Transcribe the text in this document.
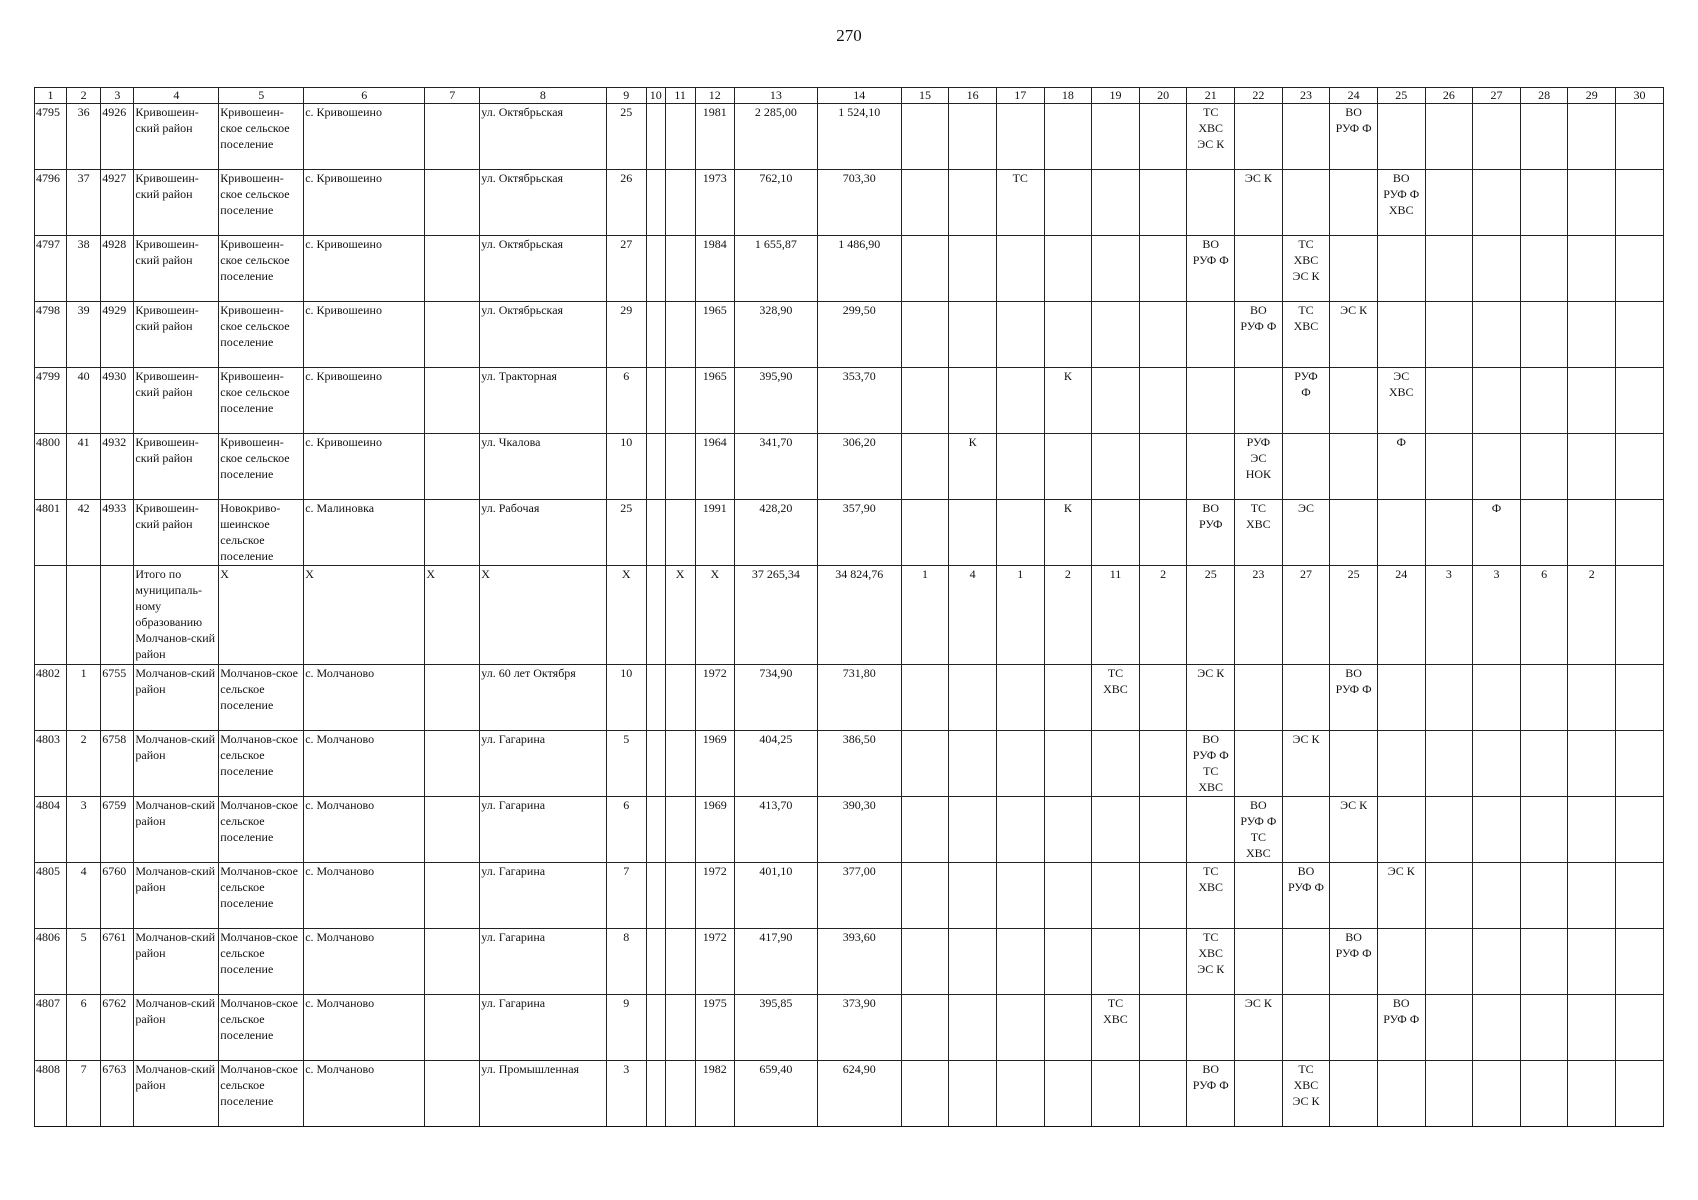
270
1	2	3	4	5	6	7	8	9	10	11	12	13	14	15	16	17	18	19	20	21	22	23	24	25	26	27	28	29	30
4795	36	4926	Кривошеин-ский район	Кривошеин-ское сельское поселение	с. Кривошеино		ул. Октябрьская	25			1981	2 285,00	1 524,10							ТС
ХВС
ЭС К			ВО
РУФ Ф						
4796	37	4927	Кривошеин-ский район	Кривошеин-ское сельское поселение	с. Кривошеино		ул. Октябрьская	26			1973	762,10	703,30			ТС					ЭС К			ВО
РУФ Ф
ХВС					
4797	38	4928	Кривошеин-ский район	Кривошеин-ское сельское поселение	с. Кривошеино		ул. Октябрьская	27			1984	1 655,87	1 486,90							ВО
РУФ Ф		ТС
ХВС
ЭС К							
4798	39	4929	Кривошеин-ский район	Кривошеин-ское сельское поселение	с. Кривошеино		ул. Октябрьская	29			1965	328,90	299,50								ВО
РУФ Ф	ТС
ХВС	ЭС К						
4799	40	4930	Кривошеин-ский район	Кривошеин-ское сельское поселение	с. Кривошеино		ул. Тракторная	6			1965	395,90	353,70				К					РУФ
Ф		ЭС
ХВС					
4800	41	4932	Кривошеин-ский район	Кривошеин-ское сельское поселение	с. Кривошеино		ул. Чкалова	10			1964	341,70	306,20		К						РУФ
ЭС
НОК			Ф					
4801	42	4933	Кривошеин-ский район	Новокриво-шеинское сельское поселение	с. Малиновка		ул. Рабочая	25			1991	428,20	357,90				К			ВО
РУФ	ТС
ХВС	ЭС				Ф			
			Итого по муниципаль-ному образованию Молчанов-ский район	Х	Х	Х	Х	Х		Х	Х	37 265,34	34 824,76	1	4	1	2	11	2	25	23	27	25	24	3	3	6	2	
4802	1	6755	Молчанов-ский район	Молчанов-ское сельское поселение	с. Молчаново		ул. 60 лет Октября	10			1972	734,90	731,80					ТС
ХВС		ЭС К			ВО
РУФ Ф						
4803	2	6758	Молчанов-ский район	Молчанов-ское сельское поселение	с. Молчаново		ул. Гагарина	5			1969	404,25	386,50							ВО
РУФ Ф
ТС
ХВС		ЭС К							
4804	3	6759	Молчанов-ский район	Молчанов-ское сельское поселение	с. Молчаново		ул. Гагарина	6			1969	413,70	390,30								ВО
РУФ Ф
ТС
ХВС		ЭС К						
4805	4	6760	Молчанов-ский район	Молчанов-ское сельское поселение	с. Молчаново		ул. Гагарина	7			1972	401,10	377,00							ТС
ХВС		ВО
РУФ Ф		ЭС К					
4806	5	6761	Молчанов-ский район	Молчанов-ское сельское поселение	с. Молчаново		ул. Гагарина	8			1972	417,90	393,60							ТС
ХВС
ЭС К			ВО
РУФ Ф						
4807	6	6762	Молчанов-ский район	Молчанов-ское сельское поселение	с. Молчаново		ул. Гагарина	9			1975	395,85	373,90					ТС
ХВС			ЭС К			ВО
РУФ Ф					
4808	7	6763	Молчанов-ский район	Молчанов-ское сельское поселение	с. Молчаново		ул. Промышленная	3			1982	659,40	624,90							ВО
РУФ Ф		ТС
ХВС
ЭС К							
